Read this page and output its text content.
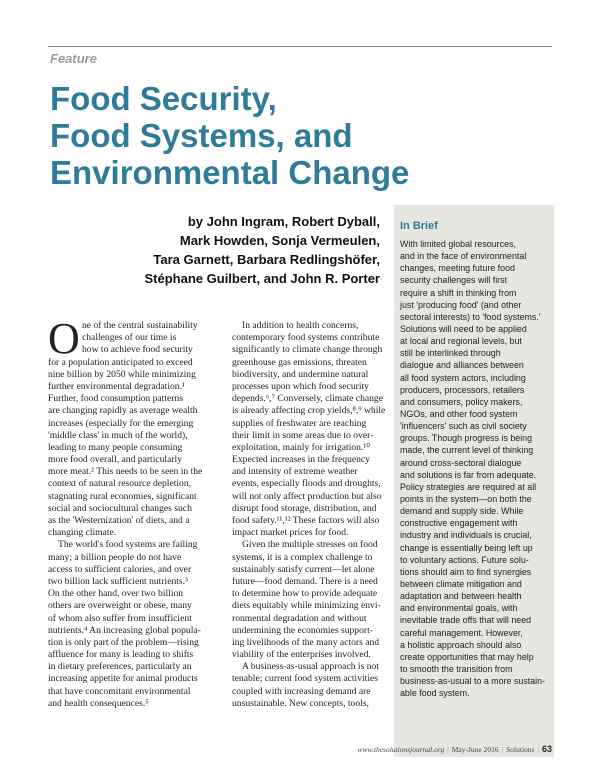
Feature
Food Security,
Food Systems, and
Environmental Change
by John Ingram, Robert Dyball,
Mark Howden, Sonja Vermeulen,
Tara Garnett, Barbara Redlingshöfer,
Stéphane Guilbert, and John R. Porter
O ne of the central sustainability
challenges of our time is
how to achieve food security
for a population anticipated to exceed
nine billion by 2050 while minimizing
further environmental degradation.¹
Further, food consumption patterns
are changing rapidly as average wealth
increases (especially for the emerging
'middle class' in much of the world),
leading to many people consuming
more food overall, and particularly
more meat.² This needs to be seen in the
context of natural resource depletion,
stagnating rural economies, significant
social and sociocultural changes such
as the 'Westernization' of diets, and a
changing climate.
The world's food systems are failing
many; a billion people do not have
access to sufficient calories, and over
two billion lack sufficient nutrients.³
On the other hand, over two billion
others are overweight or obese, many
of whom also suffer from insufficient
nutrients.⁴ An increasing global popula-
tion is only part of the problem—rising
affluence for many is leading to shifts
in dietary preferences, particularly an
increasing appetite for animal products
that have concomitant environmental
and health consequences.⁵
In addition to health concerns,
contemporary food systems contribute
significantly to climate change through
greenhouse gas emissions, threaten
biodiversity, and undermine natural
processes upon which food security
depends.⁶,⁷ Conversely, climate change
is already affecting crop yields,⁸,⁹ while
supplies of freshwater are reaching
their limit in some areas due to over-
exploitation, mainly for irrigation.¹⁰
Expected increases in the frequency
and intensity of extreme weather
events, especially floods and droughts,
will not only affect production but also
disrupt food storage, distribution, and
food safety.¹¹,¹² These factors will also
impact market prices for food.
Given the multiple stresses on food
systems, it is a complex challenge to
sustainably satisfy current—let alone
future—food demand. There is a need
to determine how to provide adequate
diets equitably while minimizing envi-
ronmental degradation and without
undermining the economies support-
ing livelihoods of the many actors and
viability of the enterprises involved.
A business-as-usual approach is not
tenable; current food system activities
coupled with increasing demand are
unsustainable. New concepts, tools,
In Brief
With limited global resources,
and in the face of environmental
changes, meeting future food
security challenges will first
require a shift in thinking from
just 'producing food' (and other
sectoral interests) to 'food systems.'
Solutions will need to be applied
at local and regional levels, but
still be interlinked through
dialogue and alliances between
all food system actors, including
producers, processors, retailers
and consumers, policy makers,
NGOs, and other food system
'influencers' such as civil society
groups. Though progress is being
made, the current level of thinking
around cross-sectoral dialogue
and solutions is far from adequate.
Policy strategies are required at all
points in the system—on both the
demand and supply side. While
constructive engagement with
industry and individuals is crucial,
change is essentially being left up
to voluntary actions. Future solu-
tions should aim to find synergies
between climate mitigation and
adaptation and between health
and environmental goals, with
inevitable trade offs that will need
careful management. However,
a holistic approach should also
create opportunities that may help
to smooth the transition from
business-as-usual to a more sustain-
able food system.
www.thesolutionsjournal.org | May-June 2016 | Solutions | 63
